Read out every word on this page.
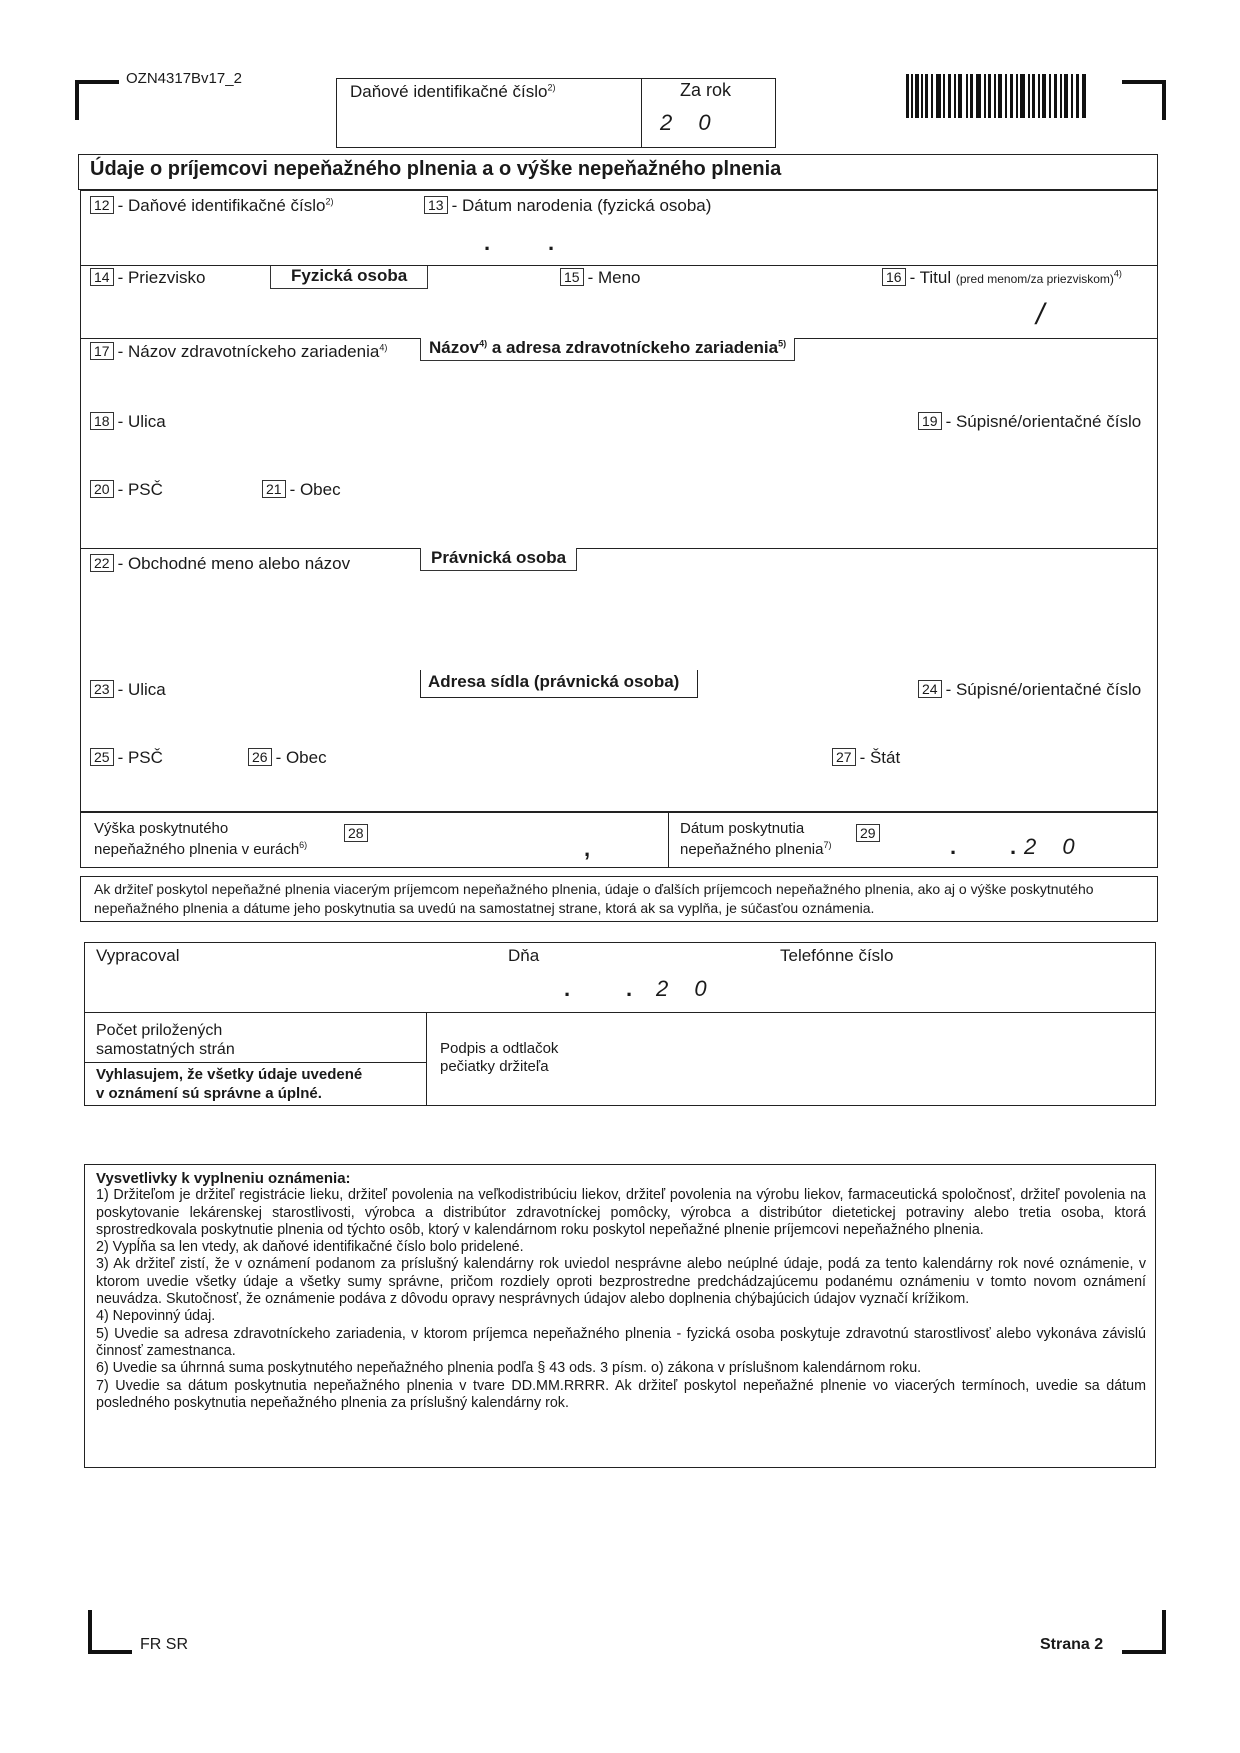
OZN4317Bv17_2
Daňové identifikačné číslo$^{2)}$	Za rok
2 0
Údaje o príjemcovi nepeňažného plnenia a o výške nepeňažného plnenia
12 - Daňové identifikačné číslo$^{2)}$	13 - Dátum narodenia (fyzická osoba)
.	.
14 - Priezvisko	Fyzická osoba	15 - Meno	16 - Titul (pred menom/za priezviskom)$^{4)}$
/
17 - Názov zdravotníckeho zariadenia$^{4)}$	Názov$^{4)}$ a adresa zdravotníckeho zariadenia$^{5)}$
18 - Ulica	19 - Súpisné/orientačné číslo
20 - PSČ	21 - Obec
22 - Obchodné meno alebo názov	Právnická osoba
Adresa sídla (právnická osoba)
23 - Ulica	24 - Súpisné/orientačné číslo
25 - PSČ	26 - Obec	27 - Štát
Výška poskytnutého
nepeňažného plnenia v eurách$^{6)}$
28
,
Dátum poskytnutia
nepeňažného plnenia$^{7)}$
29
. . 2 0
Ak držiteľ poskytol nepeňažné plnenia viacerým príjemcom nepeňažného plnenia, údaje o ďalších príjemcoch nepeňažného plnenia, ako aj o výške poskytnutého nepeňažného plnenia a dátume jeho poskytnutia sa uvedú na samostatnej strane, ktorá ak sa vyplňa, je súčasťou oznámenia.
Vypracoval	Dňa
.	. 2 0
Telefónne číslo
Počet priložených
samostatných strán
Vyhlasujem, že všetky údaje uvedené
v oznámení sú správne a úplné.
Podpis a odtlačok
pečiatky držiteľa

Vysvetlivky k vyplneniu oznámenia:

1) Držiteľom je držiteľ registrácie lieku, držiteľ povolenia na veľkodistribúciu liekov, držiteľ povolenia na výrobu liekov, farmaceutická spoločnosť, držiteľ povolenia na poskytovanie lekárenskej starostlivosti, výrobca a distribútor zdravotníckej pomôcky, výrobca a distribútor dietetickej potraviny alebo tretia osoba, ktorá sprostredkovala poskytnutie plnenia od týchto osôb, ktorý v kalendárnom roku poskytol nepeňažné plnenie príjemcovi nepeňažného plnenia.

2) Vypĺňa sa len vtedy, ak daňové identifikačné číslo bolo pridelené.

3) Ak držiteľ zistí, že v oznámení podanom za príslušný kalendárny rok uviedol nesprávne alebo neúplné údaje, podá za tento kalendárny rok nové oznámenie, v ktorom uvedie všetky údaje a všetky sumy správne, pričom rozdiely oproti bezprostredne predchádzajúcemu podanému oznámeniu v tomto novom oznámení neuvádza. Skutočnosť, že oznámenie podáva z dôvodu opravy nesprávnych údajov alebo doplnenia chýbajúcich údajov vyznačí krížikom.

4) Nepovinný údaj.

5) Uvedie sa adresa zdravotníckeho zariadenia, v ktorom príjemca nepeňažného plnenia - fyzická osoba poskytuje zdravotnú starostlivosť alebo vykonáva závislú činnosť zamestnanca.

6) Uvedie sa úhrnná suma poskytnutého nepeňažného plnenia podľa § 43 ods. 3 písm. o) zákona v príslušnom kalendárnom roku.

7) Uvedie sa dátum poskytnutia nepeňažného plnenia v tvare DD.MM.RRRR. Ak držiteľ poskytol nepeňažné plnenie vo viacerých termínoch, uvedie sa dátum posledného poskytnutia nepeňažného plnenia za príslušný kalendárny rok.

FR SR	Strana 2
